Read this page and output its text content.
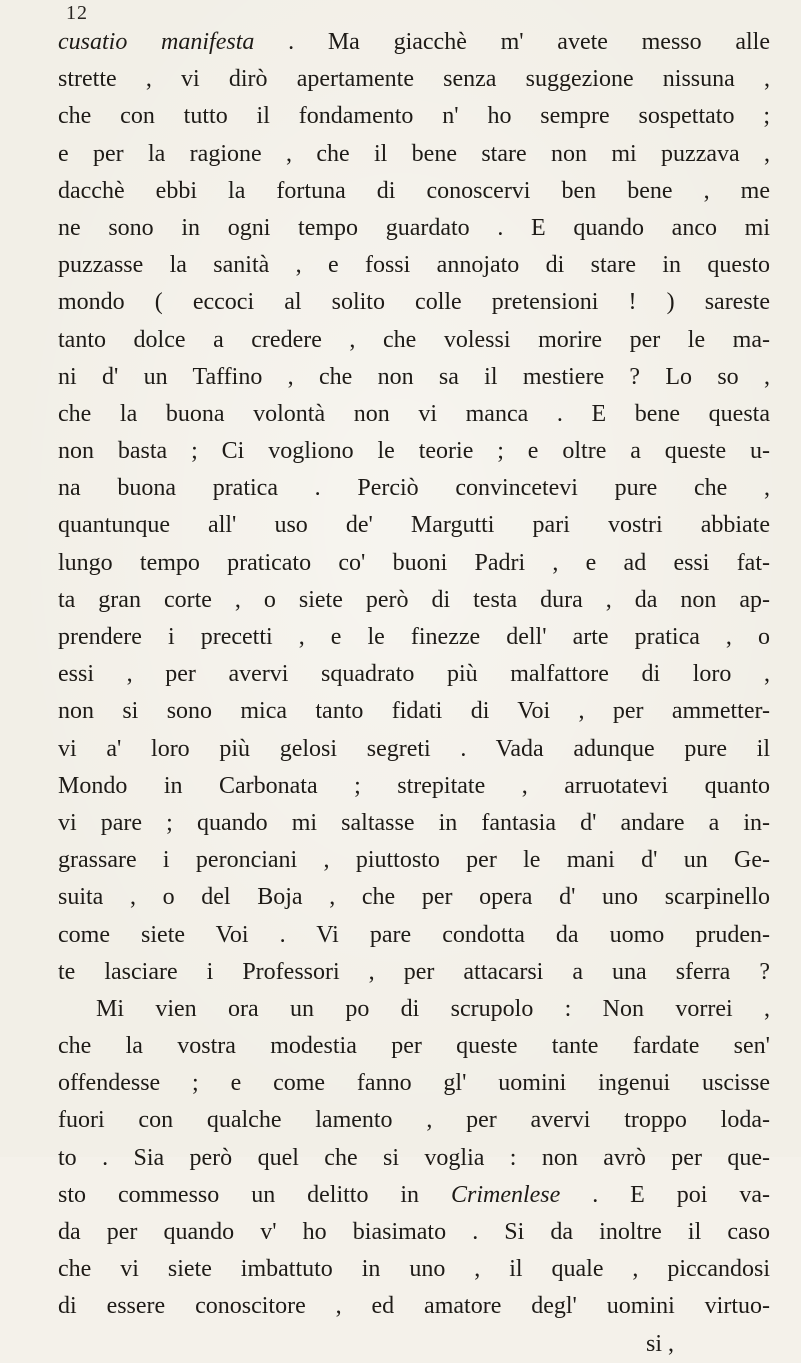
12
cusatio manifesta . Ma giacchè m' avete messo alle
strette , vi dirò apertamente senza suggezione nissuna ,
che con tutto il fondamento n' ho sempre sospettato ;
e per la ragione , che il bene stare non mi puzzava ,
dacchè ebbi la fortuna di conoscervi ben bene , me
ne sono in ogni tempo guardato . E quando anco mi
puzzasse la sanità , e fossi annojato di stare in questo
mondo ( eccoci al solito colle pretensioni ! ) sareste
tanto dolce a credere , che volessi morire per le ma-
ni d' un Taffino , che non sa il mestiere ? Lo so ,
che la buona volontà non vi manca . E bene questa
non basta ; Ci vogliono le teorie ; e oltre a queste u-
na buona pratica . Perciò convincetevi pure che ,
quantunque all' uso de' Margutti pari vostri abbiate
lungo tempo praticato co' buoni Padri , e ad essi fat-
ta gran corte , o siete però di testa dura , da non ap-
prendere i precetti , e le finezze dell' arte pratica , o
essi , per avervi squadrato più malfattore di loro ,
non si sono mica tanto fidati di Voi , per ammetter-
vi a' loro più gelosi segreti . Vada adunque pure il
Mondo in Carbonata ; strepitate , arruotatevi quanto
vi pare ; quando mi saltasse in fantasia d' andare a in-
grassare i peronciani , piuttosto per le mani d' un Ge-
suita , o del Boja , che per opera d' uno scarpinello
come siete Voi . Vi pare condotta da uomo pruden-
te lasciare i Professori , per attacarsi a una sferra ?
Mi vien ora un po di scrupolo : Non vorrei ,
che la vostra modestia per queste tante fardate sen'
offendesse ; e come fanno gl' uomini ingenui uscisse
fuori con qualche lamento , per avervi troppo loda-
to . Sia però quel che si voglia : non avrò per que-
sto commesso un delitto in Crimenlese . E poi va-
da per quando v' ho biasimato . Si da inoltre il caso
che vi siete imbattuto in uno , il quale , piccandosi
di essere conoscitore , ed amatore degl' uomini virtuo-
si ,
